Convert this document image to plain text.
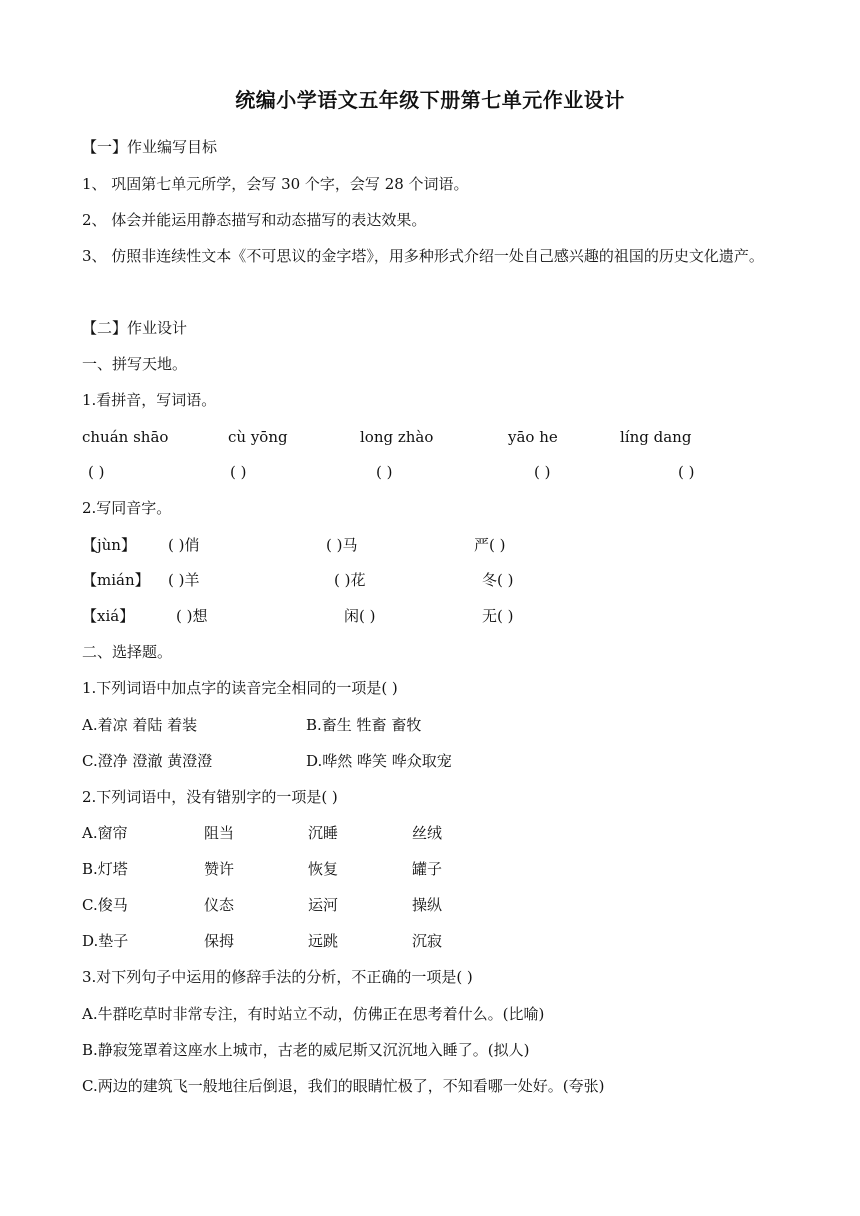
统编小学语文五年级下册第七单元作业设计
【一】作业编写目标
1、 巩固第七单元所学，会写 30 个字，会写 28 个词语。
2、 体会并能运用静态描写和动态描写的表达效果。
3、 仿照非连续性文本《不可思议的金字塔》，用多种形式介绍一处自己感兴趣的祖国的历史文化遗产。
【二】作业设计
一、拼写天地。
1.看拼音，写词语。
chuán shāo	cù yōng	long zhào	yāo he	líng dang
( )	( )	( )	( )	( )
2.写同音字。
【jùn】 ( )俏	( )马	严( )
【mián】 ( )羊	( )花	冬( )
【xiá】	( )想	闲( )	无( )
二、选择题。
1.下列词语中加点字的读音完全相同的一项是( )
A.着凉 着陆 着装	B.畜生 牲畜 畜牧
C.澄净 澄澈 黄澄澄	D.哗然 哗笑 哗众取宠
2.下列词语中，没有错别字的一项是( )
A.窗帘	阻当	沉睡	丝绒
B.灯塔	赞许	恢复	罐子
C.俊马	仪态	运河	操纵
D.垫子	保拇	远跳	沉寂
3.对下列句子中运用的修辞手法的分析，不正确的一项是( )
A.牛群吃草时非常专注，有时站立不动，仿佛正在思考着什么。(比喻)
B.静寂笼罩着这座水上城市，古老的威尼斯又沉沉地入睡了。(拟人)
C.两边的建筑飞一般地往后倒退，我们的眼睛忙极了，不知看哪一处好。(夸张)
